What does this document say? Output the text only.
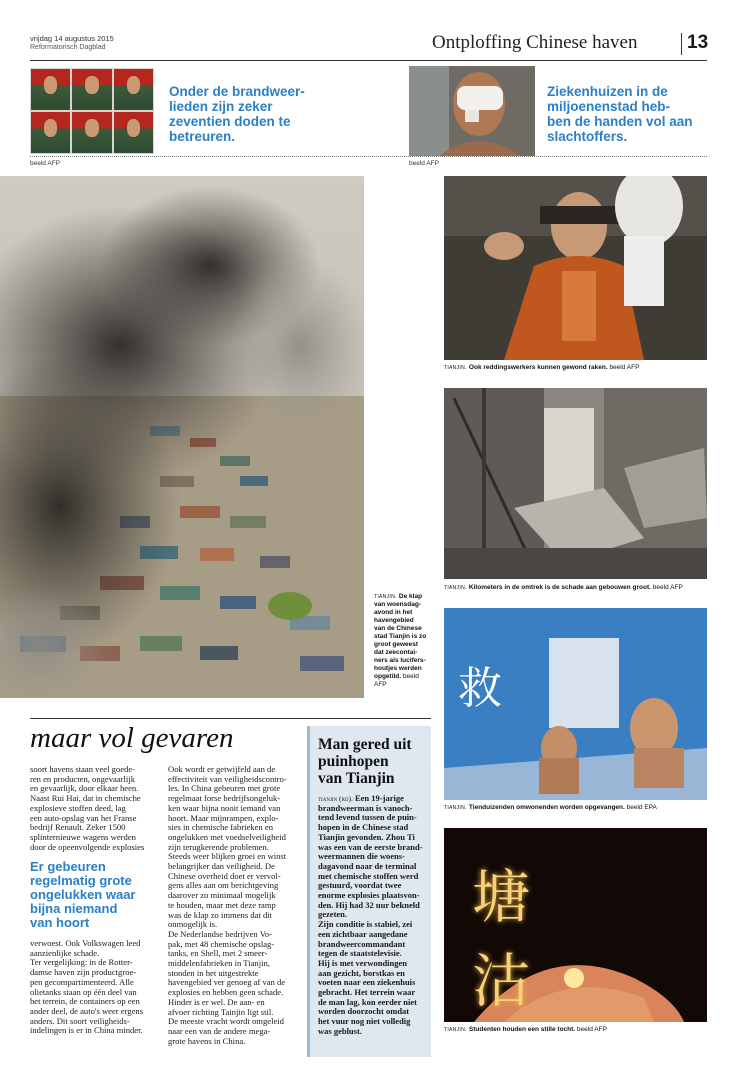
vrijdag 14 augustus 2015
Reformatorisch Dagblad	Ontploffing Chinese haven	13
Onder de brandweer-
lieden zijn zeker
zeventien doden te
betreuren.
beeld AFP
Ziekenhuizen in de
miljoenenstad heb-
ben de handen vol aan
slachtoffers.
beeld AFP
tianjin. De klap
van woensdag-
avond in het
havengebied
van de Chinese
stad Tianjin is zo
groot geweest
dat zeecontai-
ners als lucifers-
houtjes werden
opgetild. beeld
AFP
tianjin. Ook reddingswerkers kunnen gewond raken. beeld AFP
tianjin. Kilometers in de omtrek is de schade aan gebouwen groot. beeld AFP
救
tianjin. Tienduizenden omwonenden worden opgevangen. beeld EPA
塘 沽
tianjin. Studenten houden een stille tocht. beeld AFP
maar vol gevaren
soort havens staan veel goede-
ren en producten, ongevaarlijk
en gevaarlijk, door elkaar heen.
Naast Rui Hai, dat in chemische
explosieve stoffen deed, lag
een auto-opslag van het Franse
bedrijf Renault. Zeker 1500
splinternieuwe wagens werden
door de opeenvolgende explosies
Er gebeuren
regelmatig grote
ongelukken waar
bijna niemand
van hoort
verwoest. Ook Volkswagen leed
aanzienlijke schade.
Ter vergelijking: in de Rotter-
damse haven zijn productgroe-
pen gecompartimenteerd. Alle
olietanks staan op één deel van
het terrein, de containers op een
ander deel, de auto's weer ergens
anders. Dit soort veiligheids-
indelingen is er in China minder.
Ook wordt er getwijfeld aan de
effectiviteit van veiligheidscontro-
les. In China gebeuren met grote
regelmaat forse bedrijfsongeluk-
ken waar bijna nooit iemand van
hoort. Maar mijnrampen, explo-
sies in chemische fabrieken en
ongelukken met voedselveiligheid
zijn terugkerende problemen.
Steeds weer blijken groei en winst
belangrijker dan veiligheid. De
Chinese overheid doet er vervol-
gens alles aan om berichtgeving
daarover zo minimaal mogelijk
te houden, maar met deze ramp
was de klap zo immens dat dit
onmogelijk is.
De Nederlandse bedrijven Vo-
pak, met 48 chemische opslag-
tanks, en Shell, met 2 smeer-
middelenfabrieken in Tianjin,
stonden in het uitgestrekte
havengebied ver genoeg af van de
explosies en hebben geen schade.
Hinder is er wel. De aan- en
afvoer richting Tainjin ligt stil.
De meeste vracht wordt omgeleid
naar een van de andere mega-
grote havens in China.
Man gered uit
puinhopen
van Tianjin
tianjin (rd). Een 19-jarige
brandweerman is vanoch-
tend levend tussen de puin-
hopen in de Chinese stad
Tianjin gevonden. Zhou Ti
was een van de eerste brand-
weermannen die woens-
dagavond naar de terminal
met chemische stoffen werd
gestuurd, voordat twee
enorme explosies plaatsvon-
den. Hij had 32 uur bekneld
gezeten.
Zijn conditie is stabiel, zei
een zichtbaar aangedane
brandweercommandant
tegen de staatstelevisie.
Hij is met verwondingen
aan gezicht, borstkas en
voeten naar een ziekenhuis
gebracht. Het terrein waar
de man lag, kon eerder niet
worden doorzocht omdat
het vuur nog niet volledig
was geblust.
